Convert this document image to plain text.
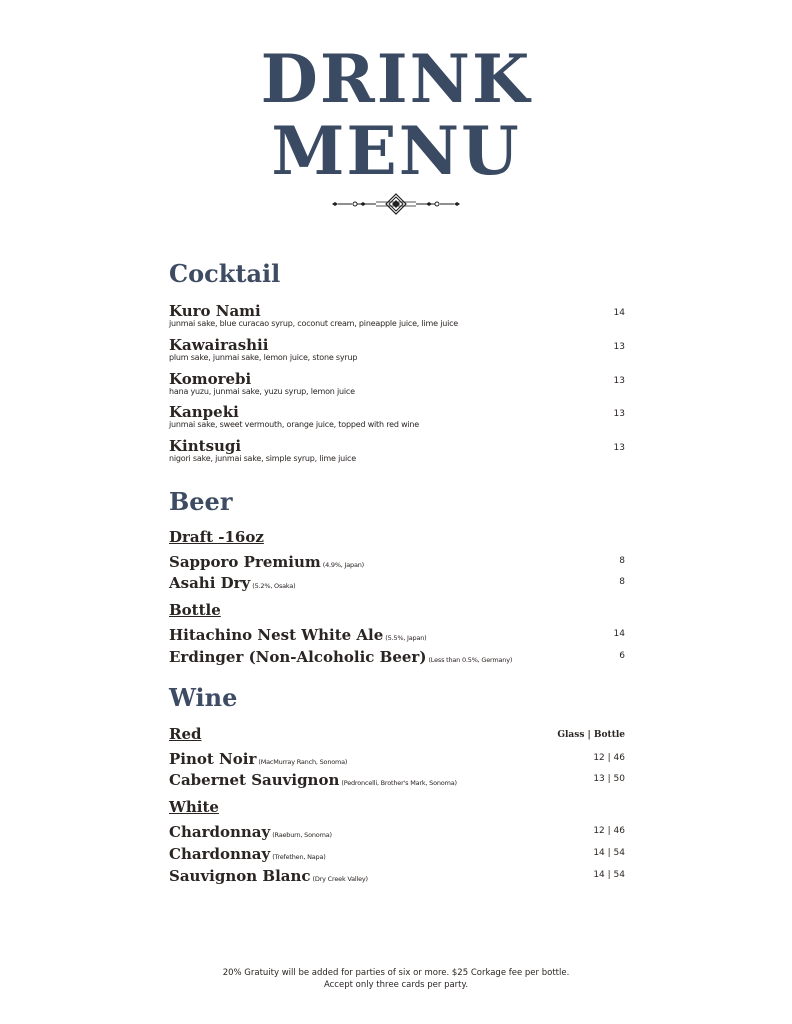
DRINK
MENU
Cocktail
Kuro Nami
junmai sake, blue curacao syrup, coconut cream, pineapple juice, lime juice
14
Kawairashii
plum sake, junmai sake, lemon juice, stone syrup
13
Komorebi
hana yuzu, junmai sake, yuzu syrup, lemon juice
13
Kanpeki
junmai sake, sweet vermouth, orange juice, topped with red wine
13
Kintsugi
nigori sake, junmai sake, simple syrup, lime juice
13
Beer
Draft -16oz
Sapporo Premium (4.9%, Japan)	8
Asahi Dry (5.2%, Osaka)	8
Bottle
Hitachino Nest White Ale (5.5%, Japan)	14
Erdinger (Non-Alcoholic Beer) (Less than 0.5%, Germany)	6
Wine
Red	Glass | Bottle
Pinot Noir (MacMurray Ranch, Sonoma)	12 | 46
Cabernet Sauvignon (Pedroncelli, Brother's Mark, Sonoma)	13 | 50
White
Chardonnay (Raeburn, Sonoma)	12 | 46
Chardonnay (Trefethen, Napa)	14 | 54
Sauvignon Blanc (Dry Creek Valley)	14 | 54
20% Gratuity will be added for parties of six or more. $25 Corkage fee per bottle.
Accept only three cards per party.
